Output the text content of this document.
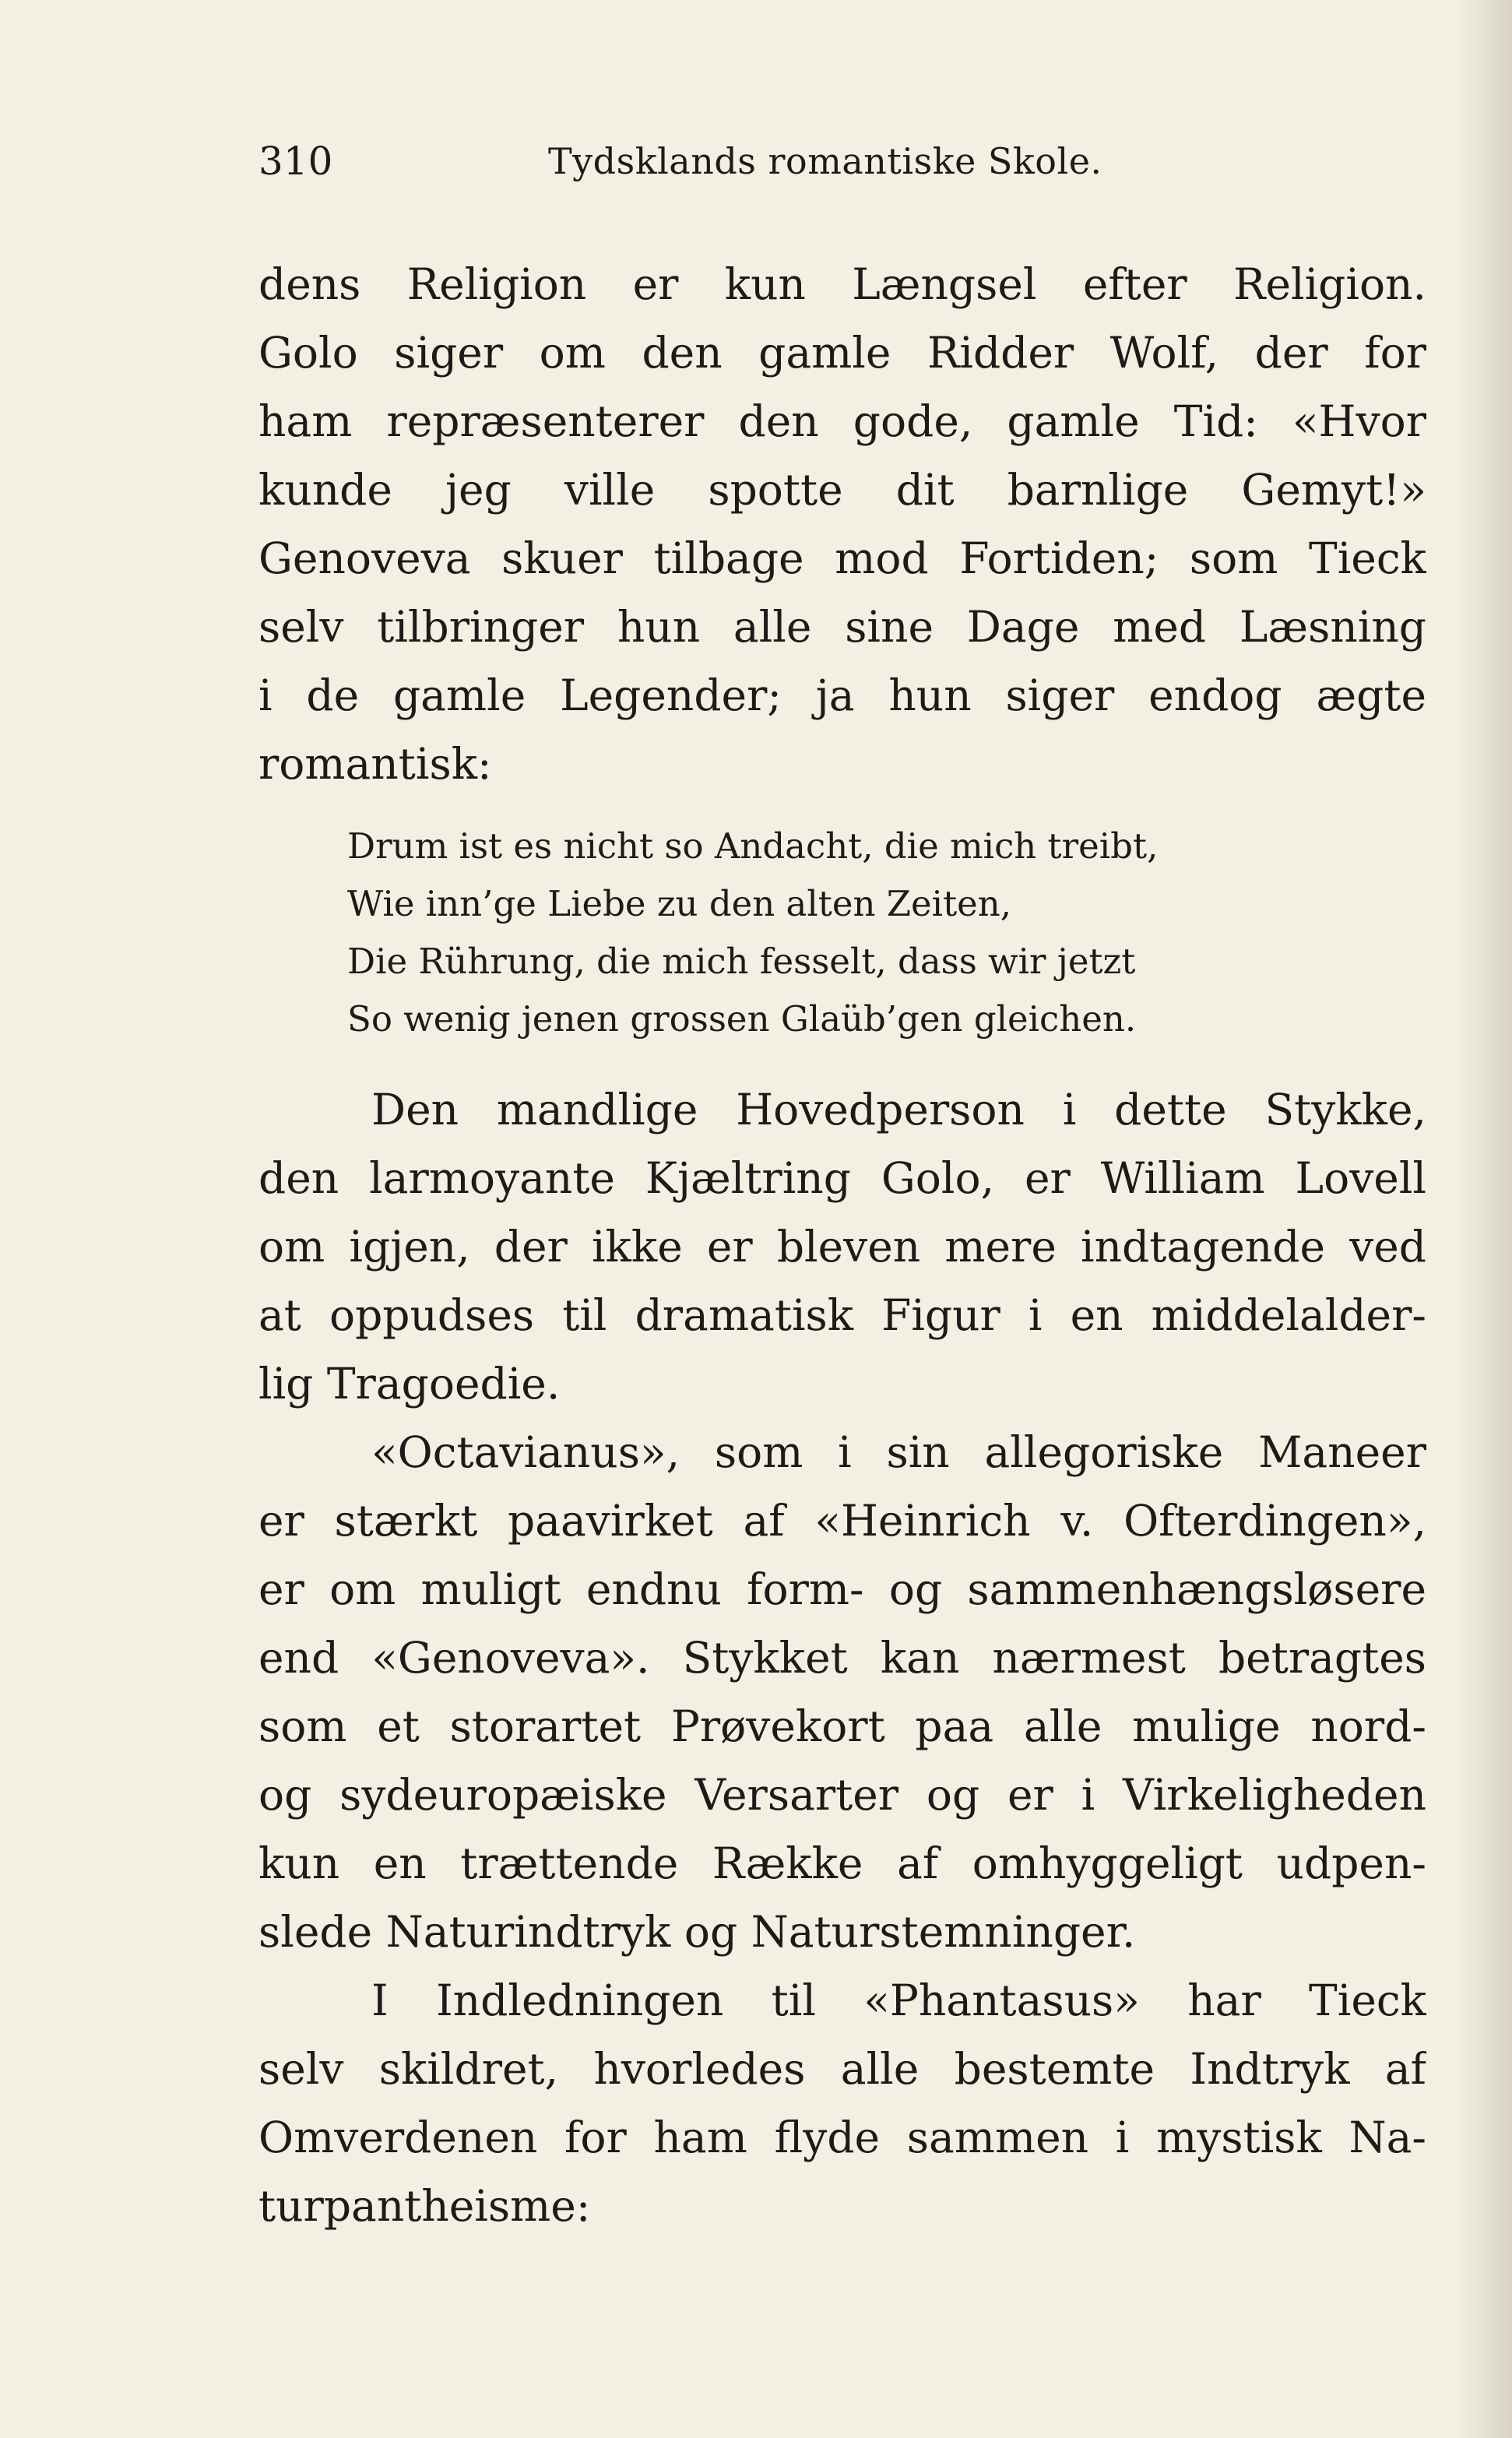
310	Tydsklands romantiske Skole.
dens Religion er kun Længsel efter Religion.
Golo siger om den gamle Ridder Wolf, der for
ham repræsenterer den gode, gamle Tid: «Hvor
kunde jeg ville spotte dit barnlige Gemyt!»
Genoveva skuer tilbage mod Fortiden; som Tieck
selv tilbringer hun alle sine Dage med Læsning
i de gamle Legender; ja hun siger endog ægte
romantisk:
Drum ist es nicht so Andacht, die mich treibt,
Wie inn’ge Liebe zu den alten Zeiten,
Die Rührung, die mich fesselt, dass wir jetzt
So wenig jenen grossen Glaüb’gen gleichen.
Den mandlige Hovedperson i dette Stykke,
den larmoyante Kjæltring Golo, er William Lovell
om igjen, der ikke er bleven mere indtagende ved
at oppudses til dramatisk Figur i en middelalder-
lig Tragoedie.
«Octavianus», som i sin allegoriske Maneer
er stærkt paavirket af «Heinrich v. Ofterdingen»,
er om muligt endnu form- og sammenhængsløsere
end «Genoveva». Stykket kan nærmest betragtes
som et storartet Prøvekort paa alle mulige nord-
og sydeuropæiske Versarter og er i Virkeligheden
kun en trættende Række af omhyggeligt udpen-
slede Naturindtryk og Naturstemninger.
I Indledningen til «Phantasus» har Tieck
selv skildret, hvorledes alle bestemte Indtryk af
Omverdenen for ham flyde sammen i mystisk Na-
turpantheisme:
